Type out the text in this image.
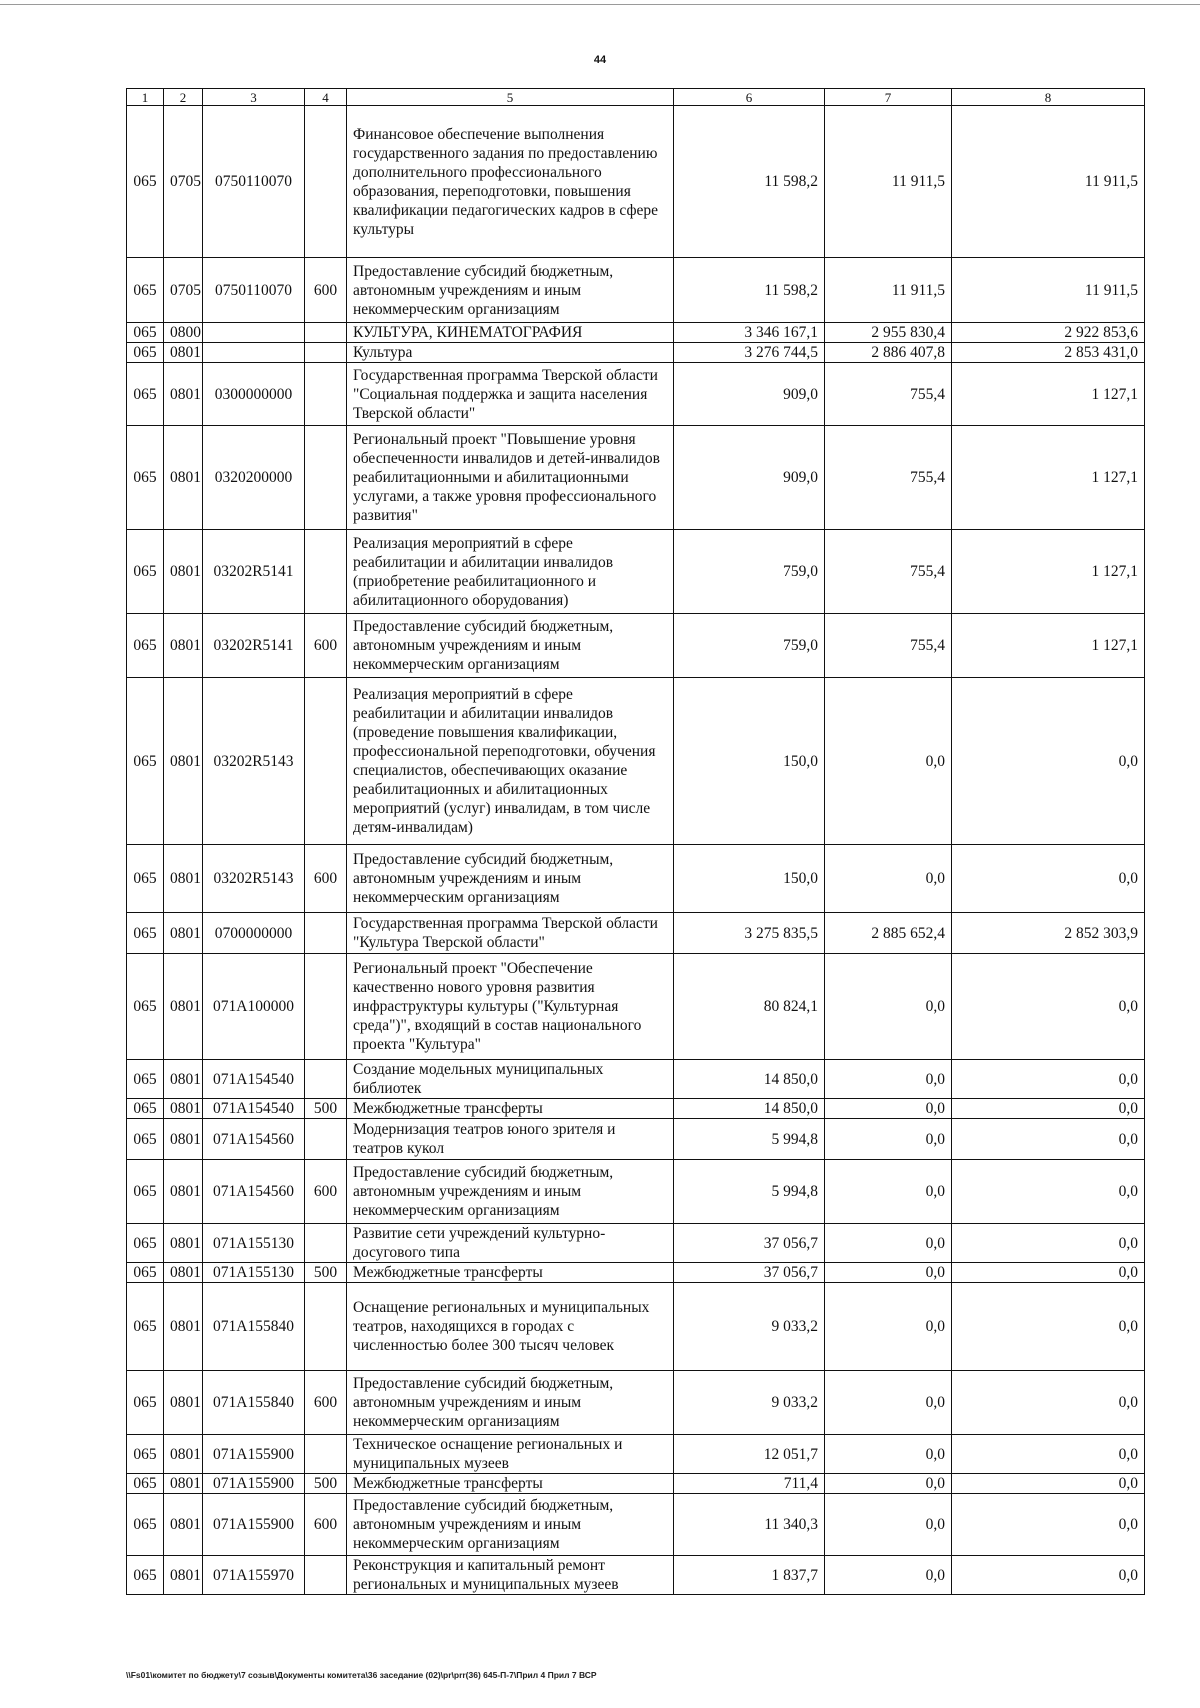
44
1	2	3	4	5	6	7	8
065	0705	0750110070		Финансовое обеспечение выполнения государственного задания по предоставлению дополнительного профессионального образования, переподготовки, повышения квалификации педагогических кадров в сфере культуры	11 598,2	11 911,5	11 911,5
065	0705	0750110070	600	Предоставление субсидий бюджетным, автономным учреждениям и иным некоммерческим организациям	11 598,2	11 911,5	11 911,5
065	0800			КУЛЬТУРА, КИНЕМАТОГРАФИЯ	3 346 167,1	2 955 830,4	2 922 853,6
065	0801			Культура	3 276 744,5	2 886 407,8	2 853 431,0
065	0801	0300000000		Государственная программа Тверской области "Социальная поддержка и защита населения Тверской области"	909,0	755,4	1 127,1
065	0801	0320200000		Региональный проект "Повышение уровня обеспеченности инвалидов и детей-инвалидов реабилитационными и абилитационными услугами, а также уровня профессионального развития"	909,0	755,4	1 127,1
065	0801	03202R5141		Реализация мероприятий в сфере реабилитации и абилитации инвалидов (приобретение реабилитационного и абилитационного оборудования)	759,0	755,4	1 127,1
065	0801	03202R5141	600	Предоставление субсидий бюджетным, автономным учреждениям и иным некоммерческим организациям	759,0	755,4	1 127,1
065	0801	03202R5143		Реализация мероприятий в сфере реабилитации и абилитации инвалидов (проведение повышения квалификации, профессиональной переподготовки, обучения специалистов, обеспечивающих оказание реабилитационных и абилитационных мероприятий (услуг) инвалидам, в том числе детям-инвалидам)	150,0	0,0	0,0
065	0801	03202R5143	600	Предоставление субсидий бюджетным, автономным учреждениям и иным некоммерческим организациям	150,0	0,0	0,0
065	0801	0700000000		Государственная программа Тверской области "Культура Тверской области"	3 275 835,5	2 885 652,4	2 852 303,9
065	0801	071A100000		Региональный проект "Обеспечение качественно нового уровня развития инфраструктуры культуры ("Культурная среда")", входящий в состав национального проекта "Культура"	80 824,1	0,0	0,0
065	0801	071A154540		Создание модельных муниципальных библиотек	14 850,0	0,0	0,0
065	0801	071A154540	500	Межбюджетные трансферты	14 850,0	0,0	0,0
065	0801	071A154560		Модернизация театров юного зрителя и театров кукол	5 994,8	0,0	0,0
065	0801	071A154560	600	Предоставление субсидий бюджетным, автономным учреждениям и иным некоммерческим организациям	5 994,8	0,0	0,0
065	0801	071A155130		Развитие сети учреждений культурно-досугового типа	37 056,7	0,0	0,0
065	0801	071A155130	500	Межбюджетные трансферты	37 056,7	0,0	0,0
065	0801	071A155840		Оснащение региональных и муниципальных театров, находящихся в городах с численностью более 300 тысяч человек	9 033,2	0,0	0,0
065	0801	071A155840	600	Предоставление субсидий бюджетным, автономным учреждениям и иным некоммерческим организациям	9 033,2	0,0	0,0
065	0801	071A155900		Техническое оснащение региональных и муниципальных музеев	12 051,7	0,0	0,0
065	0801	071A155900	500	Межбюджетные трансферты	711,4	0,0	0,0
065	0801	071A155900	600	Предоставление субсидий бюджетным, автономным учреждениям и иным некоммерческим организациям	11 340,3	0,0	0,0
065	0801	071A155970		Реконструкция и капитальный ремонт региональных и муниципальных музеев	1 837,7	0,0	0,0
\\Fs01\комитет по бюджету\7 созыв\Документы комитета\36 заседание (02)\pr\prr(36) 645-П-7\Прил 4 Прил 7 ВСР
